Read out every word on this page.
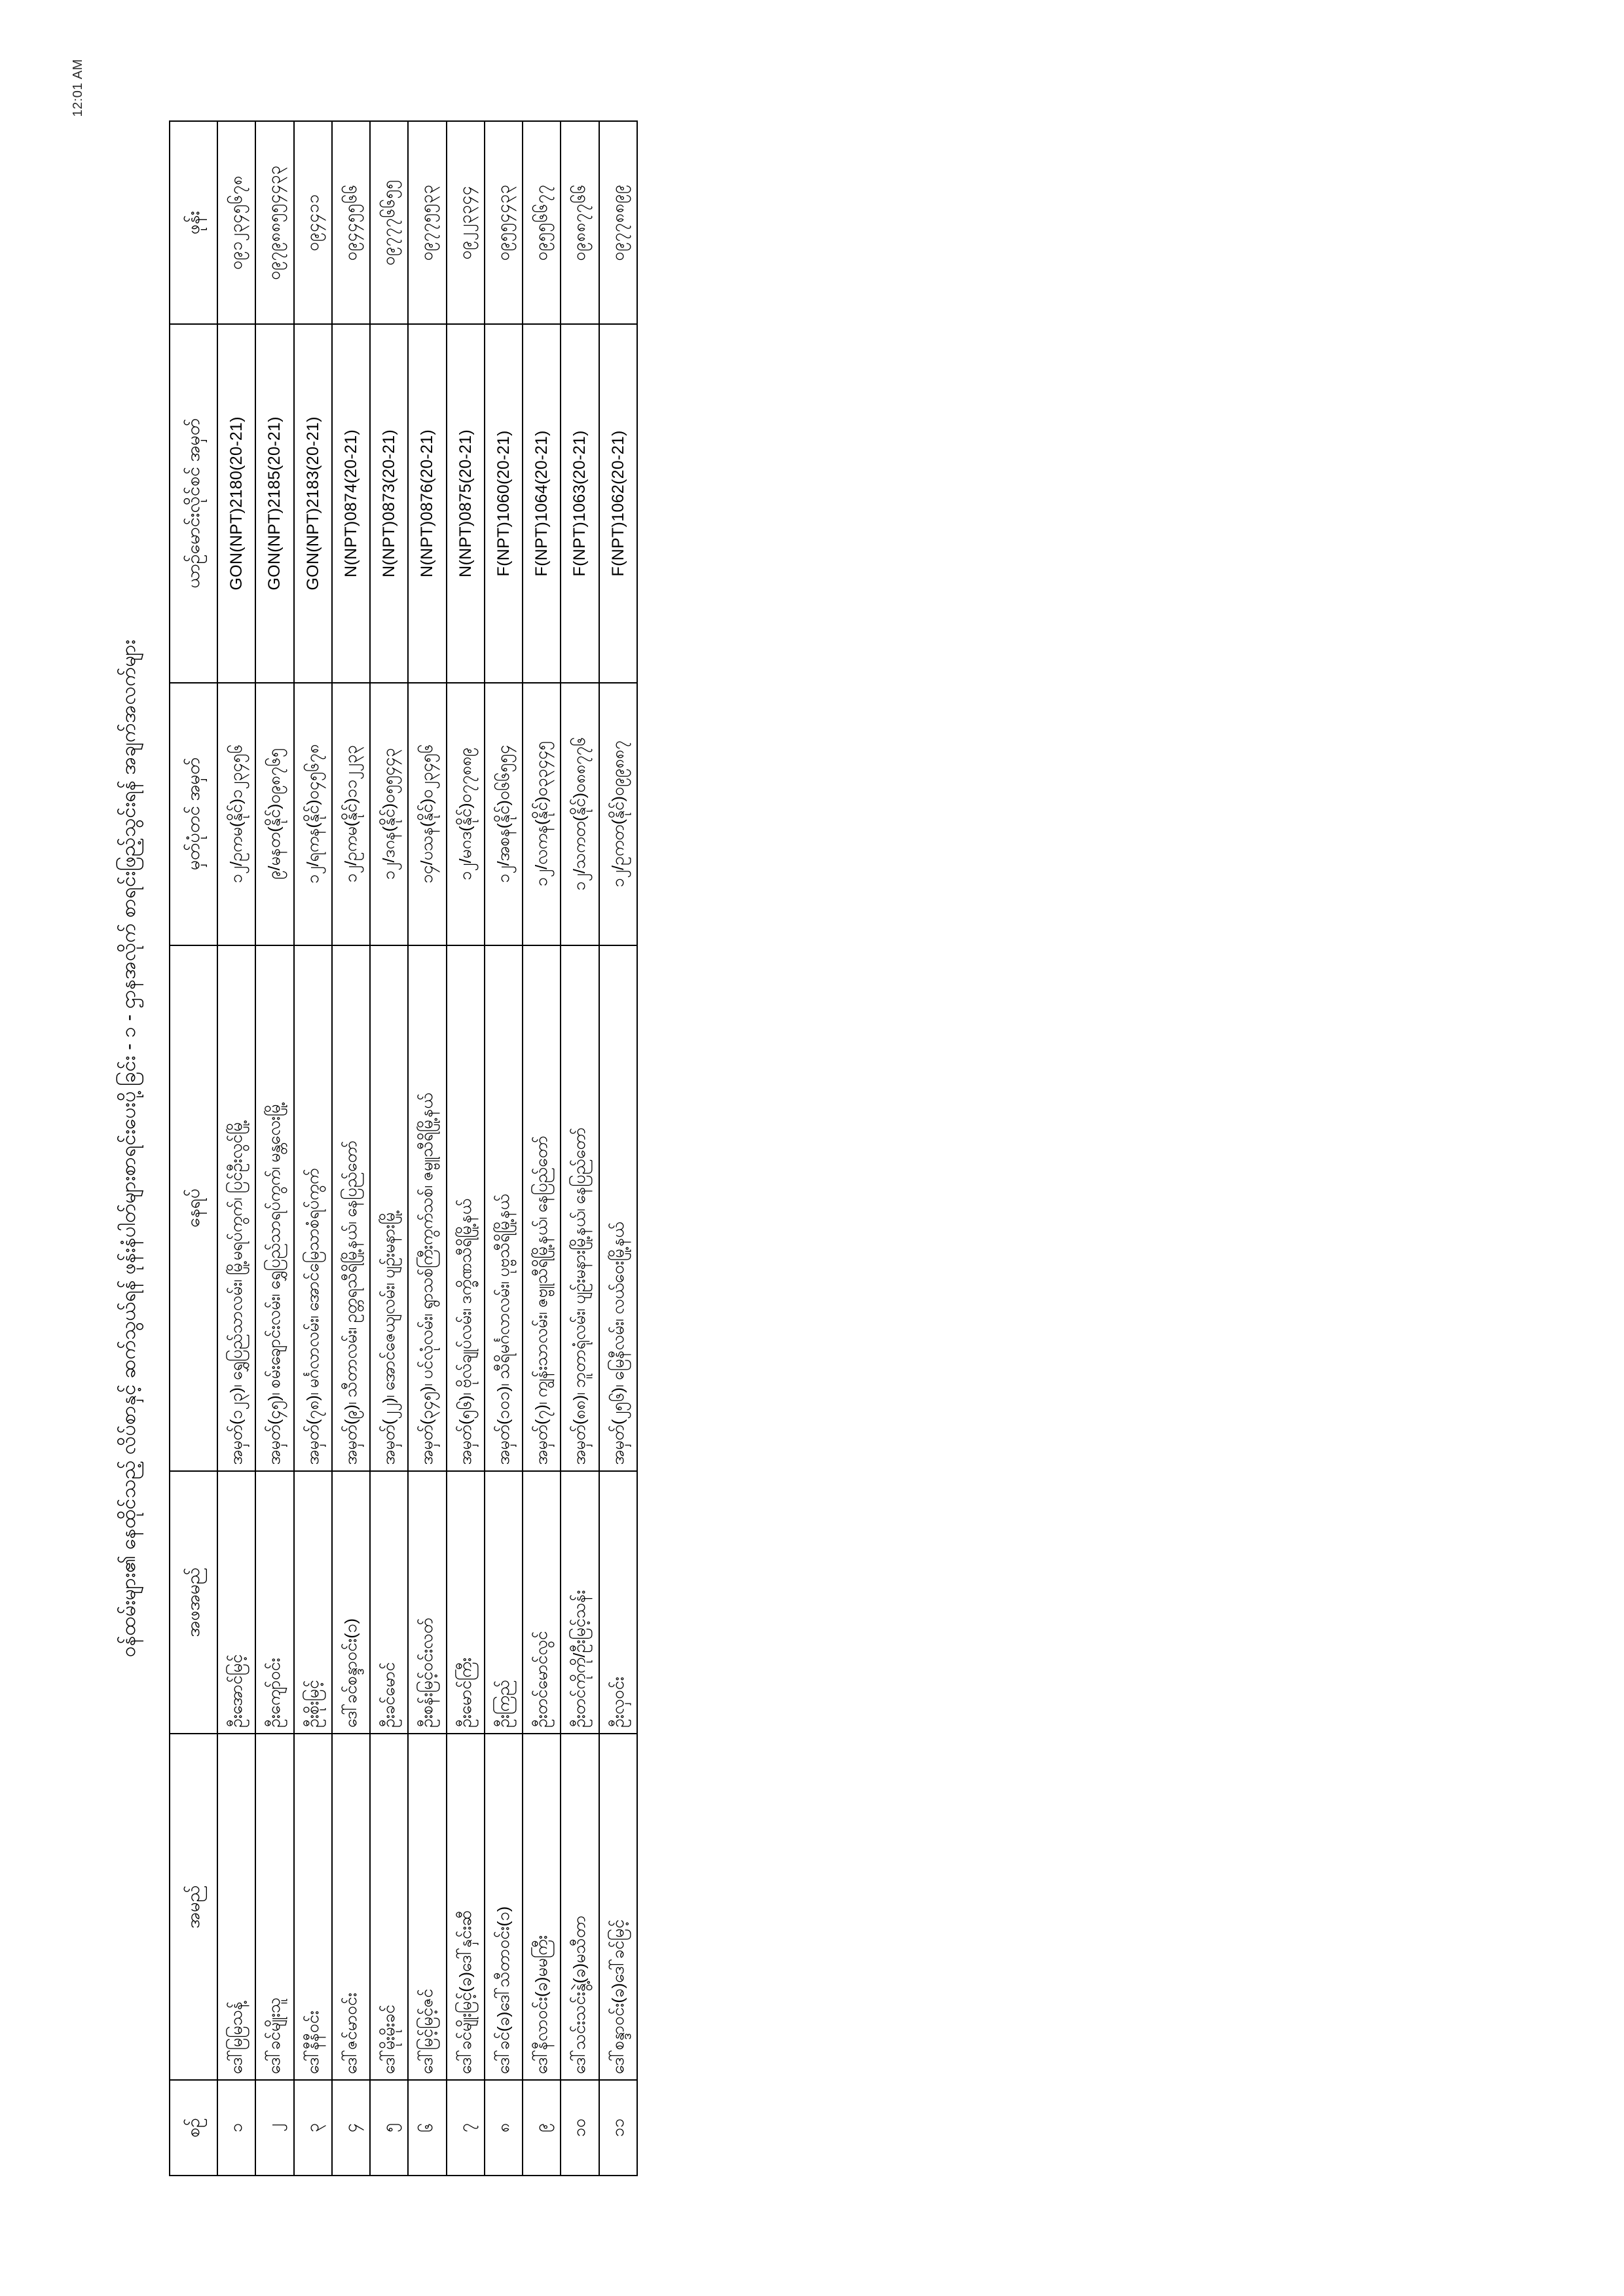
12:01 AM
ဝန်ထမ်းများ၏ နေထိုင်သည့် လိပ်စာနှင့် ဆက်သွယ်ရန် ဖုန်းနံပါတ်များစာရင်းပေးပို့ခြင်း - ၁ - ဌာနအလိုက် စာရင်းဖြည့်သွင်းရန် အချက်အလက်များ
စဉ်	အမည်	အဖအမည်	နေရပ်	မှတ်ပုံတင် အမှတ်	ယာဉ်မောင်းလိုင်စင် အမှတ်	ဖုန်း
၁	ဒေါ်မြမြသန့်	ဦးအောင်မြင့်	အမှတ်(၁၂၃)၊ ရွှေပြည်သာလမ်း၊ မြို့မရပ်ကွက်၊ ပြင်ဦးလွင်မြို့	၁၂/ဥကမ(နိုင်)၁၂၃၄၅၆	GON(NPT)2180(20-21)	၀၉၁၂၃၄၅၆၇၈
၂	ဒေါ်ခင်မျိုးသူ	ဦးကျော်ဝင်း	အမှတ်(၄၅)၊ စမ်းချောင်းလမ်း၊ ရွှေပြည်သာရပ်ကွက်၊ မန္တလေးမြို့	၉/မနတ(နိုင်)၀၉၈၇၆၅	GON(NPT)2185(20-21)	၀၉၇၉၈၈၅၅၄၄၃၃
၃	ဒေါ်နီနီဝင်း	ဦးစိုးမြင့်	အမှတ်(၇၈)၊ မင်္ဂလာလမ်း၊ အောင်မြေသာစံရပ်ကွက်	၁၂/ရကန(နိုင်)၀၄၅၆၇၈	GON(NPT)2183(20-21)	၀၉၄၄၁၁
၄	ဒေါ်ဇင်မာဝင်း	ဒေါ်ခင်စန္ဒာဝင်း(၁)	အမှတ်(၉)၊ သီတာလမ်း၊ ဥတ္တရသီရိမြို့နယ်၊ နေပြည်တော်	၁၂/ဥကမ(နိုင်)၁၁၂၂၃၃	N(NPT)0874(20-21)	၀၉၄၄၅၅၆၆
၅	ဒေါ်မိုးမိုးခင်	ဦးခင်မောင်	အမှတ်(၂၂)၊ အောင်ဇေယျလမ်း၊ ပျဉ်းမနားမြို့	၁၂/ဒဂန(နိုင်)၀၅၅၄၄၃	N(NPT)0873(20-21)	၀၉၇၇၇၆၆၅၅
၆	ဒေါ်မြင့်မြင့်ဇင်	ဦးစန်းမြင့်ဝင်းလတ်	အမှတ်(၃၄၅)၊ ပင်လုံလမ်း၊ ရွာသစ်ကြီးကွက်သစ်၊ ဇမ္ဗူသီရိမြို့နယ်	၁၄/ပသန(နိုင်)၀၂၃၄၅၆	N(NPT)0876(20-21)	၀၉၇၇၅၅၃၃
၇	ဒေါ်ခင်မျိုးမြင့်(ခ)ဒေါ်နှင်းဆီ	ဦးမောင်ကြီး	အမှတ်(၅၆)၊ ဗိုလ်ချုပ်လမ်း၊ ဒက္ခိဏသီရိမြို့နယ်	၁၂/မဂဒ(နိုင်)၀၇၇၈၈၉	N(NPT)0875(20-21)	၀၉၂၂၃၃၄၄
၈	ဒေါ်ခင်(ခ)ဒေါ်သီတာဝင်း(၁)	ဦးကြည်	အမှတ်(၁၀၁)၊ သီရိမင်္ဂလာလမ်း၊ ပုဗ္ဗသီရိမြို့နယ်	၁၂/အစန(နိုင်)၀၆၆၅၅၄	F(NPT)1060(20-21)	၀၉၅၅၄၄၃၃
၉	ဒေါ်နီလာဝင်း(ခ)မမကြီး	ဦးတင်မောင်လွင်	အမှတ်(၇)၊ ကျွန်းသာလမ်း၊ ဇဗ္ဗူသီရိမြို့နယ်၊ နေပြည်တော်	၁၂/လကန(နိုင်)၀၃၃၄၄၅	F(NPT)1064(20-21)	၀၉၅၅၆၆၇၇
၁၀	ဒေါ်သင်းသင်းနွဲ့(ခ)မသီတာ	ဦးတင်ကိုကို/ဦးမြင့်သန်း	အမှတ်(၈၈)၊ ဘူတာရုံလမ်း၊ ပျဉ်းမနားမြို့နယ်၊ နေပြည်တော်	၁၂/သကတ(နိုင်)၀၈၈၇၇၆	F(NPT)1063(20-21)	၀၉၈၈၇၇၆၆
၁၁	ဒေါ်စန္ဒာဝင်း(ခ)ဒေါ်ခင်မြင့်	ဦးလှဝင်း	အမှတ်(၂၅၆)၊ မြေနီလမ်း၊ လယ်ဝေးမြို့နယ်	၁၂/ဥကတ(နိုင်)၀၉၉၈၈၇	F(NPT)1062(20-21)	၀၉၇၇၈၈၉၉
